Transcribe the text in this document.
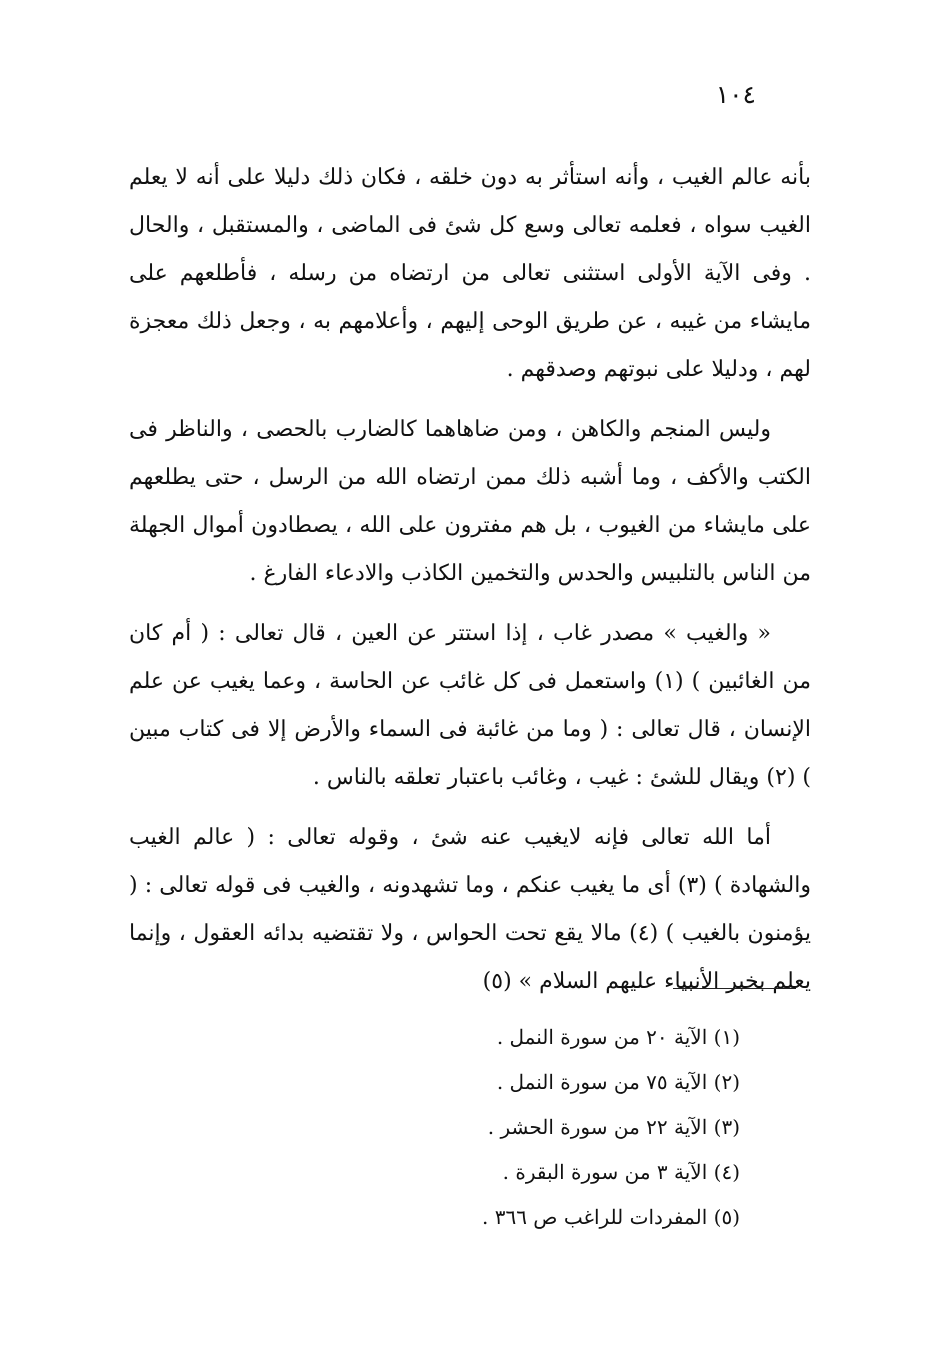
١٠٤

بأنه عالم الغيب ، وأنه استأثر به دون خلقه ، فكان ذلك دليلا على أنه لا يعلم الغيب سواه ، فعلمه تعالى وسع كل شئ فى الماضى ، والمستقبل ، والحال . وفى الآية الأولى استثنى تعالى من ارتضاه من رسله ، فأطلعهم على مايشاء من غيبه ، عن طريق الوحى إليهم ، وأعلامهم به ، وجعل ذلك معجزة لهم ، ودليلا على نبوتهم وصدقهم .

وليس المنجم والكاهن ، ومن ضاهاهما كالضارب بالحصى ، والناظر فى الكتب والأكف ، وما أشبه ذلك ممن ارتضاه الله من الرسل ، حتى يطلعهم على مايشاء من الغيوب ، بل هم مفترون على الله ، يصطادون أموال الجهلة من الناس بالتلبيس والحدس والتخمين الكاذب والادعاء الفارغ .

« والغيب » مصدر غاب ، إذا استتر عن العين ، قال تعالى : ( أم كان من الغائبين ) (١) واستعمل فى كل غائب عن الحاسة ، وعما يغيب عن علم الإنسان ، قال تعالى : ( وما من غائبة فى السماء والأرض إلا فى كتاب مبين ) (٢) ويقال للشئ : غيب ، وغائب باعتبار تعلقه بالناس .

أما الله تعالى فإنه لايغيب عنه شئ ، وقوله تعالى : ( عالم الغيب والشهادة ) (٣) أى ما يغيب عنكم ، وما تشهدونه ، والغيب فى قوله تعالى : ( يؤمنون بالغيب ) (٤) مالا يقع تحت الحواس ، ولا تقتضيه بدائه العقول ، وإنما يعلم بخبر الأنبياء عليهم السلام » (٥)

(١) الآية ٢٠ من سورة النمل .

(٢) الآية ٧٥ من سورة النمل .

(٣) الآية ٢٢ من سورة الحشر .

(٤) الآية ٣ من سورة البقرة .

(٥) المفردات للراغب ص ٣٦٦ .
